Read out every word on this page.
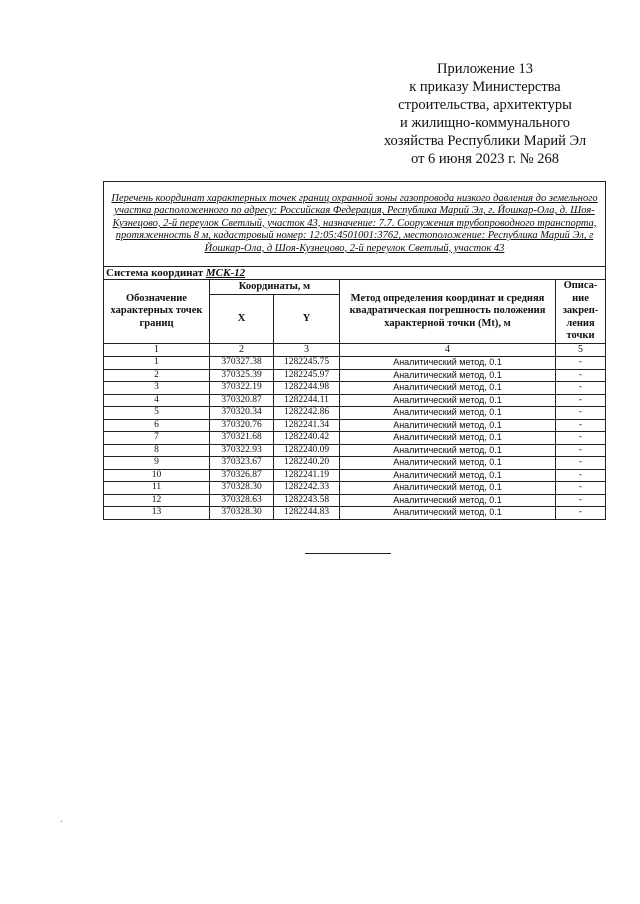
Приложение 13
к приказу Министерства
строительства, архитектуры
и жилищно-коммунального
хозяйства Республики Марий Эл
от 6 июня 2023 г. № 268
Перечень координат характерных точек границ охранной зоны газопровода низкого давления до земельного участка расположенного по адресу: Российская Федерация, Республика Марий Эл, г. Йошкар-Ола, д. Шоя-Кузнецово, 2-й переулок Светлый, участок 43, назначение: 7.7. Сооружения трубопроводного транспорта, протяженность 8 м, кадастровый номер: 12:05:4501001:3762, местоположение: Республика Марий Эл, г Йошкар-Ола, д Шоя-Кузнецово, 2-й переулок Светлый, участок 43				
Система координат МСК-12				
Обозначение характерных точек границ	Координаты, м		Метод определения координат и средняя квадратическая погрешность положения характерной точки (Mt), м	Описа-ние закреп-ления точки
	X	Y		
1	2	3	4	5
1	370327.38	1282245.75	Аналитический метод, 0.1	-
2	370325.39	1282245.97	Аналитический метод, 0.1	-
3	370322.19	1282244.98	Аналитический метод, 0.1	-
4	370320.87	1282244.11	Аналитический метод, 0.1	-
5	370320.34	1282242.86	Аналитический метод, 0.1	-
6	370320.76	1282241.34	Аналитический метод, 0.1	-
7	370321.68	1282240.42	Аналитический метод, 0.1	-
8	370322.93	1282240.09	Аналитический метод, 0.1	-
9	370323.67	1282240.20	Аналитический метод, 0.1	-
10	370326.87	1282241.19	Аналитический метод, 0.1	-
11	370328.30	1282242.33	Аналитический метод, 0.1	-
12	370328.63	1282243.58	Аналитический метод, 0.1	-
13	370328.30	1282244.83	Аналитический метод, 0.1	-
